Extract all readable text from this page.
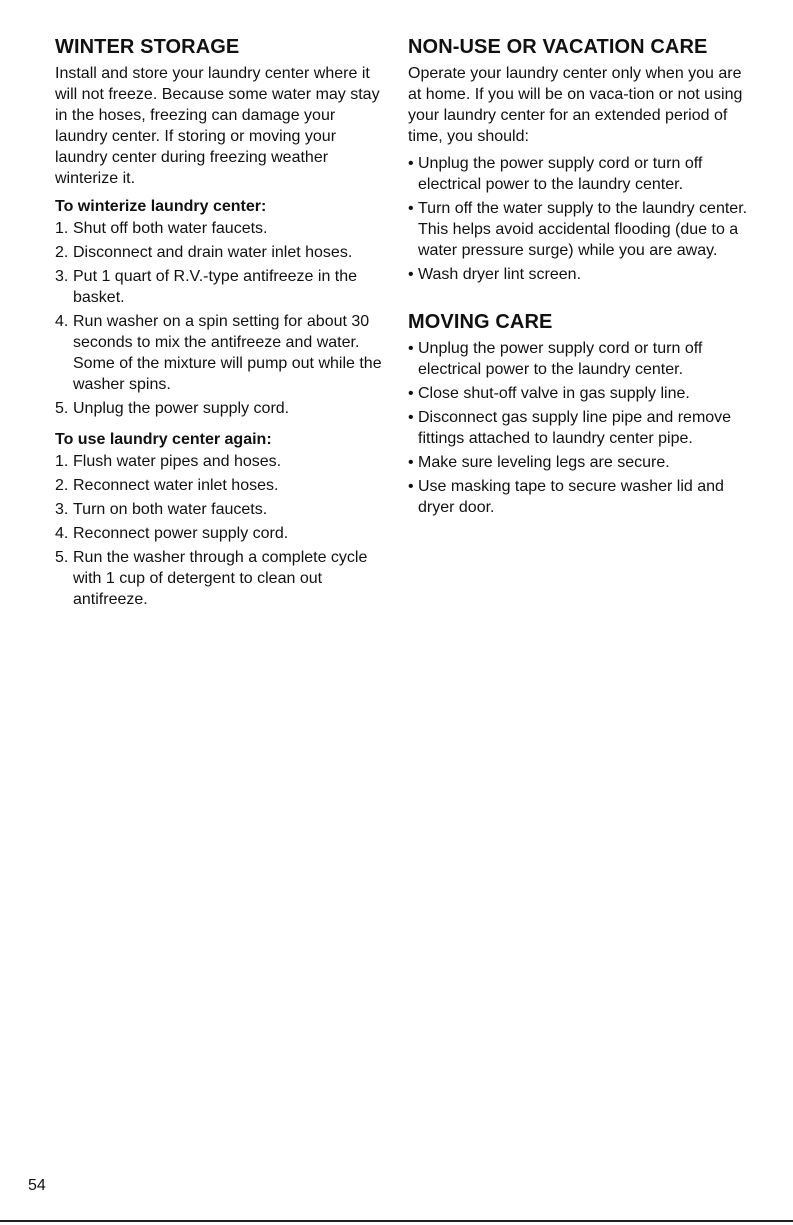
WINTER STORAGE

Install and store your laundry center where it will not freeze. Because some water may stay in the hoses, freezing can damage your laundry center. If storing or moving your laundry center during freezing weather winterize it.

To winterize laundry center:
1. Shut off both water faucets.
2. Disconnect and drain water inlet hoses.
3. Put 1 quart of R.V.-type antifreeze in the basket.
4. Run washer on a spin setting for about 30 seconds to mix the antifreeze and water. Some of the mixture will pump out while the washer spins.
5. Unplug the power supply cord.
To use laundry center again:
1. Flush water pipes and hoses.
2. Reconnect water inlet hoses.
3. Turn on both water faucets.
4. Reconnect power supply cord.
5. Run the washer through a complete cycle with 1 cup of detergent to clean out antifreeze.
NON-USE OR VACATION CARE

Operate your laundry center only when you are at home. If you will be on vaca-tion or not using your laundry center for an extended period of time, you should:

• Unplug the power supply cord or turn off electrical power to the laundry center.
• Turn off the water supply to the laundry center. This helps avoid accidental flooding (due to a water pressure surge) while you are away.
• Wash dryer lint screen.
MOVING CARE
• Unplug the power supply cord or turn off electrical power to the laundry center.
• Close shut-off valve in gas supply line.
• Disconnect gas supply line pipe and remove fittings attached to laundry center pipe.
• Make sure leveling legs are secure.
• Use masking tape to secure washer lid and dryer door.
54
